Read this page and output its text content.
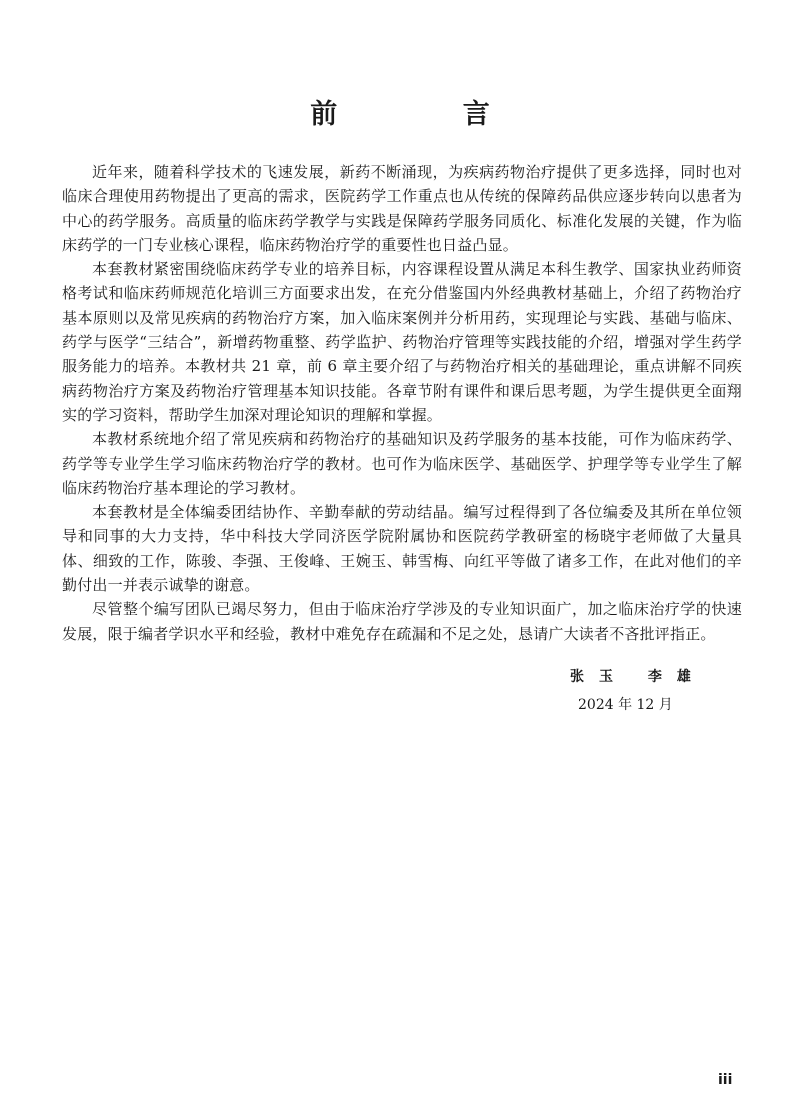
前 言

近年来，随着科学技术的飞速发展，新药不断涌现，为疾病药物治疗提供了更多选择，同时也对临床合理使用药物提出了更高的需求，医院药学工作重点也从传统的保障药品供应逐步转向以患者为中心的药学服务。高质量的临床药学教学与实践是保障药学服务同质化、标准化发展的关键，作为临床药学的一门专业核心课程，临床药物治疗学的重要性也日益凸显。

本套教材紧密围绕临床药学专业的培养目标，内容课程设置从满足本科生教学、国家执业药师资格考试和临床药师规范化培训三方面要求出发，在充分借鉴国内外经典教材基础上，介绍了药物治疗基本原则以及常见疾病的药物治疗方案，加入临床案例并分析用药，实现理论与实践、基础与临床、药学与医学“三结合”，新增药物重整、药学监护、药物治疗管理等实践技能的介绍，增强对学生药学服务能力的培养。本教材共 21 章，前 6 章主要介绍了与药物治疗相关的基础理论，重点讲解不同疾病药物治疗方案及药物治疗管理基本知识技能。各章节附有课件和课后思考题，为学生提供更全面翔实的学习资料，帮助学生加深对理论知识的理解和掌握。

本教材系统地介绍了常见疾病和药物治疗的基础知识及药学服务的基本技能，可作为临床药学、药学等专业学生学习临床药物治疗学的教材。也可作为临床医学、基础医学、护理学等专业学生了解临床药物治疗基本理论的学习教材。

本套教材是全体编委团结协作、辛勤奉献的劳动结晶。编写过程得到了各位编委及其所在单位领导和同事的大力支持，华中科技大学同济医学院附属协和医院药学教研室的杨晓宇老师做了大量具体、细致的工作，陈骏、李强、王俊峰、王婉玉、韩雪梅、向红平等做了诸多工作，在此对他们的辛勤付出一并表示诚挚的谢意。

尽管整个编写团队已竭尽努力，但由于临床治疗学涉及的专业知识面广，加之临床治疗学的快速发展，限于编者学识水平和经验，教材中难免存在疏漏和不足之处，恳请广大读者不吝批评指正。

张玉 李雄

2024 年 12 月

iii
